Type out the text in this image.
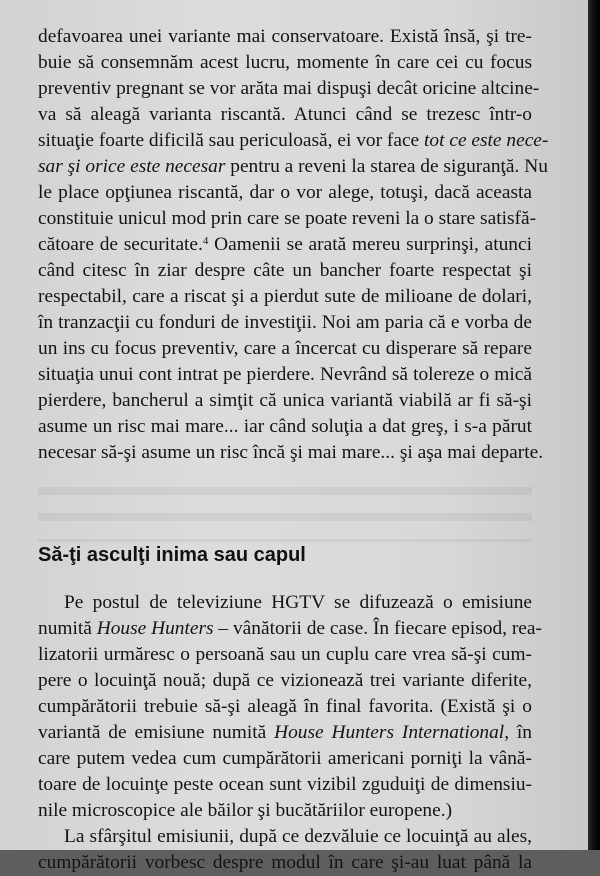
defavoarea unei variante mai conservatoare. Există însă, şi tre-
buie să consemnăm acest lucru, momente în care cei cu focus
preventiv pregnant se vor arăta mai dispuşi decât oricine altcine-
va să aleagă varianta riscantă. Atunci când se trezesc într-o
situaţie foarte dificilă sau periculoasă, ei vor face tot ce este nece-
sar şi orice este necesar pentru a reveni la starea de siguranţă. Nu
le place opţiunea riscantă, dar o vor alege, totuşi, dacă aceasta
constituie unicul mod prin care se poate reveni la o stare satisfă-
cătoare de securitate.$^4$ Oamenii se arată mereu surprinşi, atunci
când citesc în ziar despre câte un bancher foarte respectat şi
respectabil, care a riscat şi a pierdut sute de milioane de dolari,
în tranzacţii cu fonduri de investiţii. Noi am paria că e vorba de
un ins cu focus preventiv, care a încercat cu disperare să repare
situaţia unui cont intrat pe pierdere. Nevrând să tolereze o mică
pierdere, bancherul a simţit că unica variantă viabilă ar fi să-şi
asume un risc mai mare... iar când soluţia a dat greş, i s-a părut
necesar să-şi asume un risc încă şi mai mare... şi aşa mai departe.

Să-ţi asculţi inima sau capul

Pe postul de televiziune HGTV se difuzează o emisiune
numită House Hunters – vânătorii de case. În fiecare episod, rea-
lizatorii urmăresc o persoană sau un cuplu care vrea să-şi cum-
pere o locuinţă nouă; după ce vizionează trei variante diferite,
cumpărătorii trebuie să-şi aleagă în final favorita. (Există şi o
variantă de emisiune numită House Hunters International, în
care putem vedea cum cumpărătorii americani porniţi la vână-
toare de locuinţe peste ocean sunt vizibil zguduiţi de dimensiu-
nile microscopice ale băilor şi bucătăriilor europene.)

La sfârşitul emisiunii, după ce dezvăluie ce locuinţă au ales,
cumpărătorii vorbesc despre modul în care şi-au luat până la
